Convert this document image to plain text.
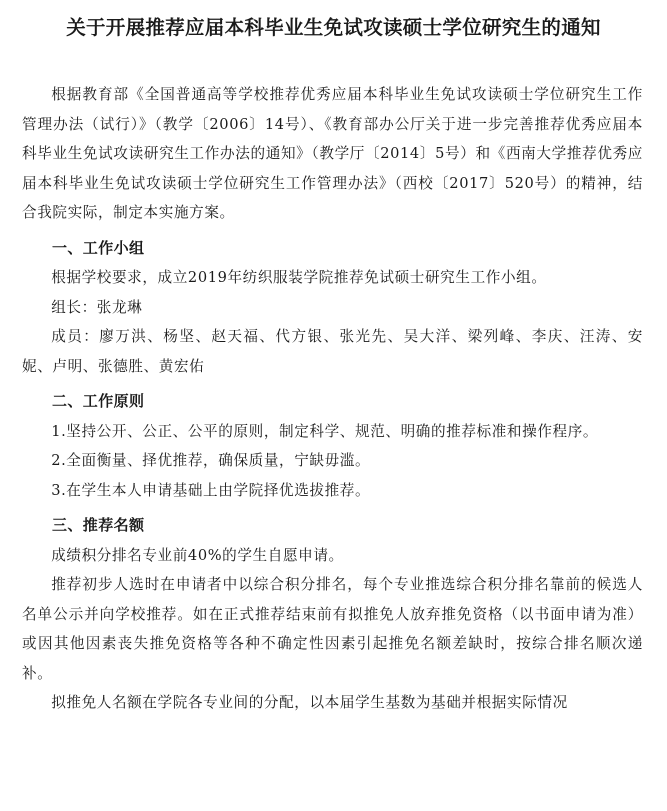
关于开展推荐应届本科毕业生免试攻读硕士学位研究生的通知

根据教育部《全国普通高等学校推荐优秀应届本科毕业生免试攻读硕士学位研究生工作管理办法（试行）》（教学〔2006〕14号）、《教育部办公厅关于进一步完善推荐优秀应届本科毕业生免试攻读研究生工作办法的通知》（教学厅〔2014〕5号）和《西南大学推荐优秀应届本科毕业生免试攻读硕士学位研究生工作管理办法》（西校〔2017〕520号）的精神，结合我院实际，制定本实施方案。

一、工作小组

根据学校要求，成立2019年纺织服装学院推荐免试硕士研究生工作小组。

组长：张龙琳

成员：廖万洪、杨坚、赵天福、代方银、张光先、吴大洋、梁列峰、李庆、汪涛、安妮、卢明、张德胜、黄宏佑

二、工作原则

1.坚持公开、公正、公平的原则，制定科学、规范、明确的推荐标准和操作程序。

2.全面衡量、择优推荐，确保质量，宁缺毋滥。

3.在学生本人申请基础上由学院择优选拔推荐。

三、推荐名额

成绩积分排名专业前40%的学生自愿申请。

推荐初步人选时在申请者中以综合积分排名，每个专业推选综合积分排名靠前的候选人名单公示并向学校推荐。如在正式推荐结束前有拟推免人放弃推免资格（以书面申请为准）或因其他因素丧失推免资格等各种不确定性因素引起推免名额差缺时，按综合排名顺次递补。

拟推免人名额在学院各专业间的分配，以本届学生基数为基础并根据实际情况
